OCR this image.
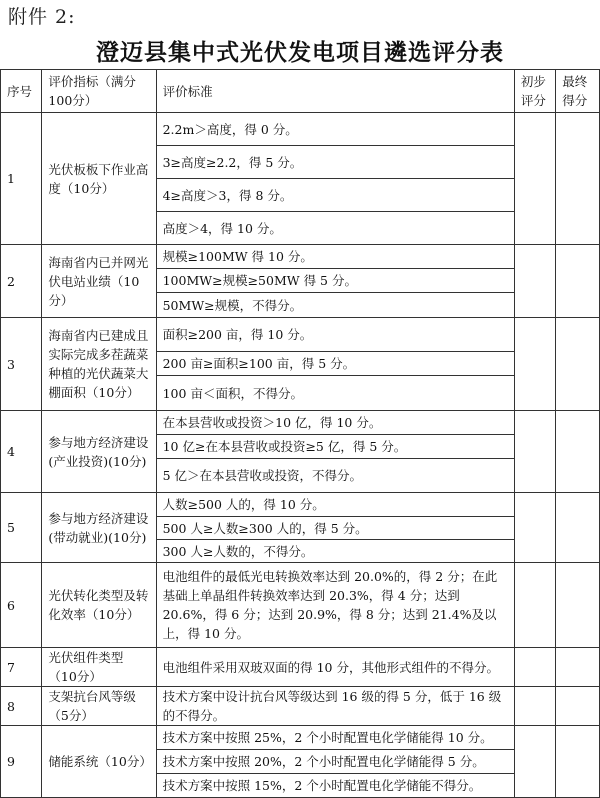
附件 2:
澄迈县集中式光伏发电项目遴选评分表
序号	评价指标（满分100分）	评价标准	初步评分	最终得分
1	光伏板板下作业高度（10分）	2.2m＞高度，得 0 分。		
		3≥高度≥2.2，得 5 分。		
		4≥高度＞3，得 8 分。		
		高度＞4，得 10 分。		
2	海南省内已并网光伏电站业绩（10分）	规模≥100MW 得 10 分。		
		100MW≥规模≥50MW 得 5 分。		
		50MW≥规模，不得分。		
3	海南省内已建成且实际完成多茬蔬菜种植的光伏蔬菜大棚面积（10分）	面积≥200 亩，得 10 分。		
		200 亩≥面积≥100 亩，得 5 分。		
		100 亩＜面积，不得分。		
4	参与地方经济建设(产业投资)(10分)	在本县营收或投资＞10 亿，得 10 分。		
		10 亿≥在本县营收或投资≥5 亿，得 5 分。		
		5 亿＞在本县营收或投资，不得分。		
5	参与地方经济建设(带动就业)(10分)	人数≥500 人的，得 10 分。		
		500 人≥人数≥300 人的，得 5 分。		
		300 人≥人数的，不得分。		
6	光伏转化类型及转化效率（10分）	电池组件的最低光电转换效率达到 20.0%的，得 2 分；在此基础上单晶组件转换效率达到 20.3%，得 4 分；达到 20.6%，得 6 分；达到 20.9%，得 8 分；达到 21.4%及以上，得 10 分。		
7	光伏组件类型（10分）	电池组件采用双玻双面的得 10 分，其他形式组件的不得分。		
8	支架抗台风等级（5分）	技术方案中设计抗台风等级达到 16 级的得 5 分，低于 16 级的不得分。		
9	储能系统（10分）	技术方案中按照 25%，2 个小时配置电化学储能得 10 分。		
		技术方案中按照 20%，2 个小时配置电化学储能得 5 分。		
		技术方案中按照 15%，2 个小时配置电化学储能不得分。		
